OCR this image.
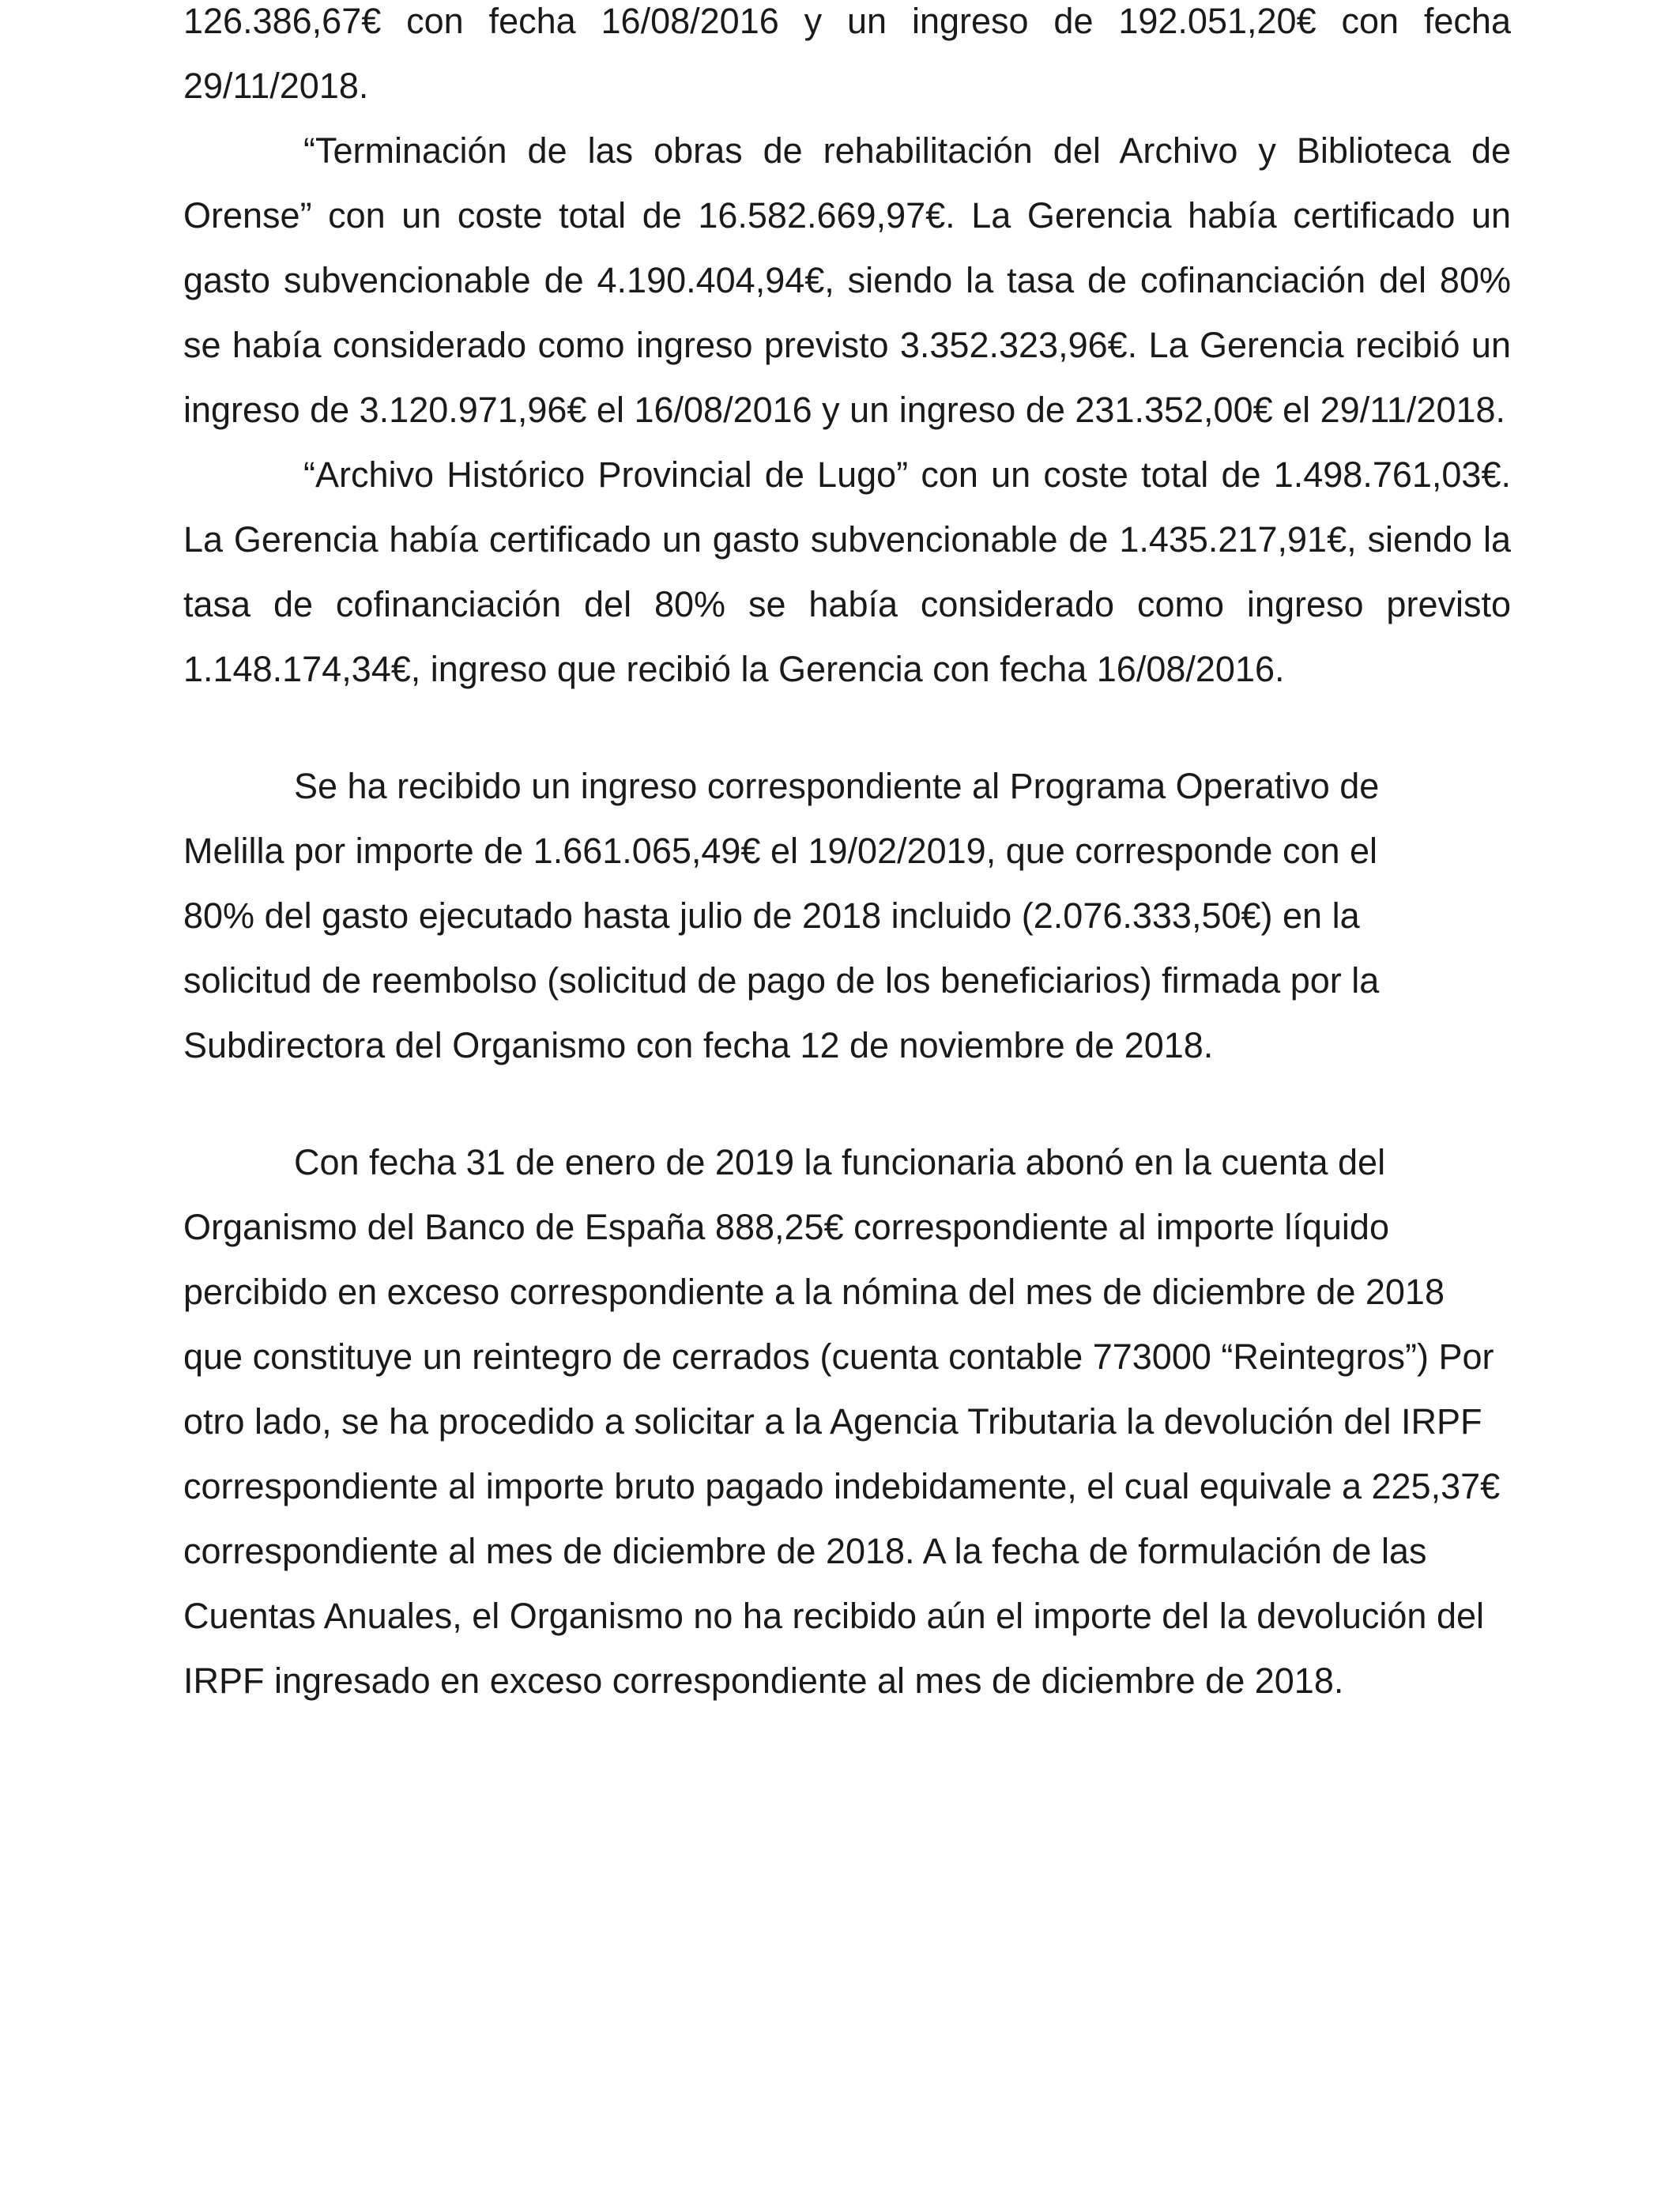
126.386,67€ con fecha 16/08/2016 y un ingreso de 192.051,20€ con fecha 29/11/2018.

“Terminación de las obras de rehabilitación del Archivo y Biblioteca de Orense” con un coste total de 16.582.669,97€. La Gerencia había certificado un gasto subvencionable de 4.190.404,94€, siendo la tasa de cofinanciación del 80% se había considerado como ingreso previsto 3.352.323,96€. La Gerencia recibió un ingreso de 3.120.971,96€ el 16/08/2016 y un ingreso de 231.352,00€ el 29/11/2018.

“Archivo Histórico Provincial de Lugo” con un coste total de 1.498.761,03€. La Gerencia había certificado un gasto subvencionable de 1.435.217,91€, siendo la tasa de cofinanciación del 80% se había considerado como ingreso previsto 1.148.174,34€, ingreso que recibió la Gerencia con fecha 16/08/2016.

Se ha recibido un ingreso correspondiente al Programa Operativo de Melilla por importe de 1.661.065,49€ el 19/02/2019, que corresponde con el 80% del gasto ejecutado hasta julio de 2018 incluido (2.076.333,50€) en la solicitud de reembolso (solicitud de pago de los beneficiarios) firmada por la Subdirectora del Organismo con fecha 12 de noviembre de 2018.

Con fecha 31 de enero de 2019 la funcionaria abonó en la cuenta del Organismo del Banco de España 888,25€ correspondiente al importe líquido percibido en exceso correspondiente a la nómina del mes de diciembre de 2018 que constituye un reintegro de cerrados (cuenta contable 773000 “Reintegros”) Por otro lado, se ha procedido a solicitar a la Agencia Tributaria la devolución del IRPF correspondiente al importe bruto pagado indebidamente, el cual equivale a 225,37€ correspondiente al mes de diciembre de 2018. A la fecha de formulación de las Cuentas Anuales, el Organismo no ha recibido aún el importe del la devolución del IRPF ingresado en exceso correspondiente al mes de diciembre de 2018.
